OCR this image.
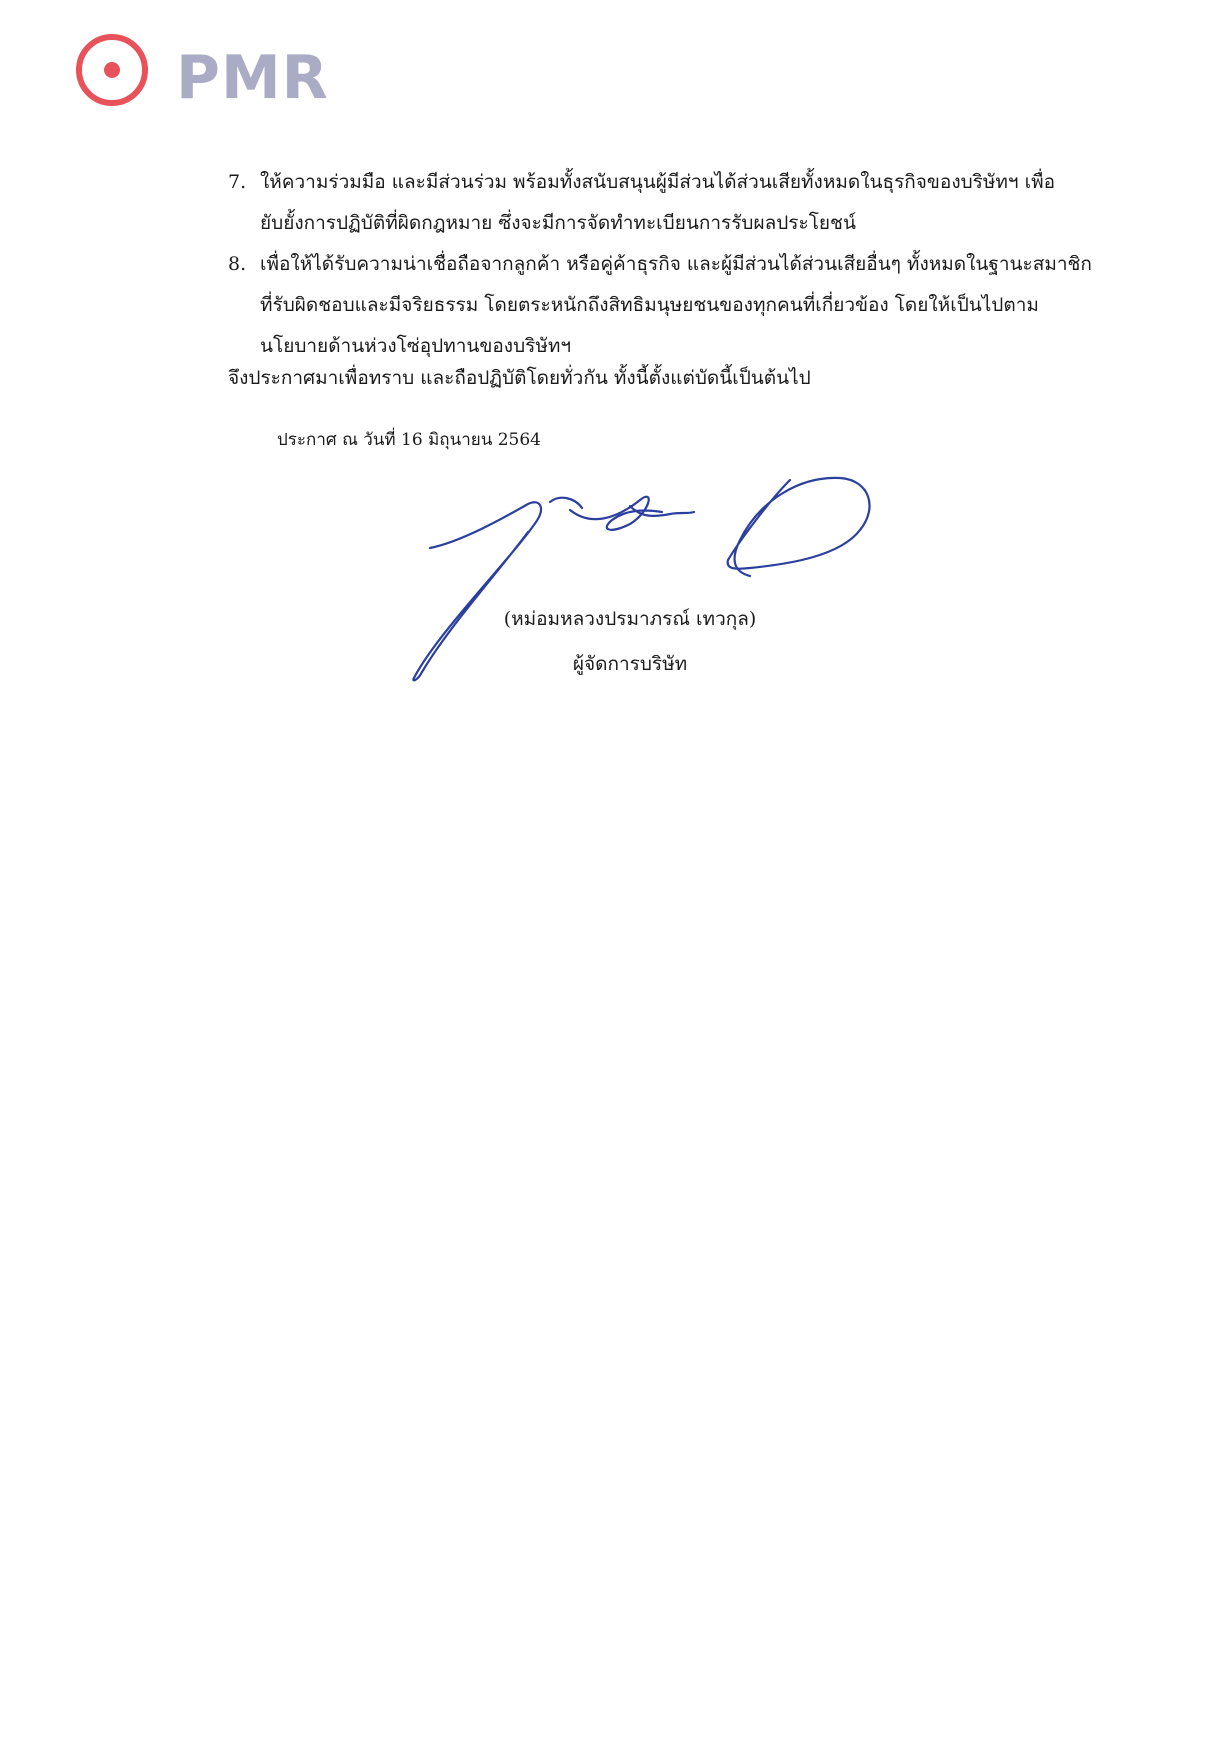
PMR
7. ให้ความร่วมมือ และมีส่วนร่วม พร้อมทั้งสนับสนุนผู้มีส่วนได้ส่วนเสียทั้งหมดในธุรกิจของบริษัทฯ เพื่อยับยั้งการปฏิบัติที่ผิดกฎหมาย ซึ่งจะมีการจัดทำทะเบียนการรับผลประโยชน์
8. เพื่อให้ได้รับความน่าเชื่อถือจากลูกค้า หรือคู่ค้าธุรกิจ และผู้มีส่วนได้ส่วนเสียอื่นๆ ทั้งหมดในฐานะสมาชิกที่รับผิดชอบและมีจริยธรรม โดยตระหนักถึงสิทธิมนุษยชนของทุกคนที่เกี่ยวข้อง โดยให้เป็นไปตามนโยบายด้านห่วงโซ่อุปทานของบริษัทฯ
จึงประกาศมาเพื่อทราบ และถือปฏิบัติโดยทั่วกัน ทั้งนี้ตั้งแต่บัดนี้เป็นต้นไป
ประกาศ ณ วันที่ 16 มิถุนายน 2564
(หม่อมหลวงปรมาภรณ์ เทวกุล)
ผู้จัดการบริษัท
